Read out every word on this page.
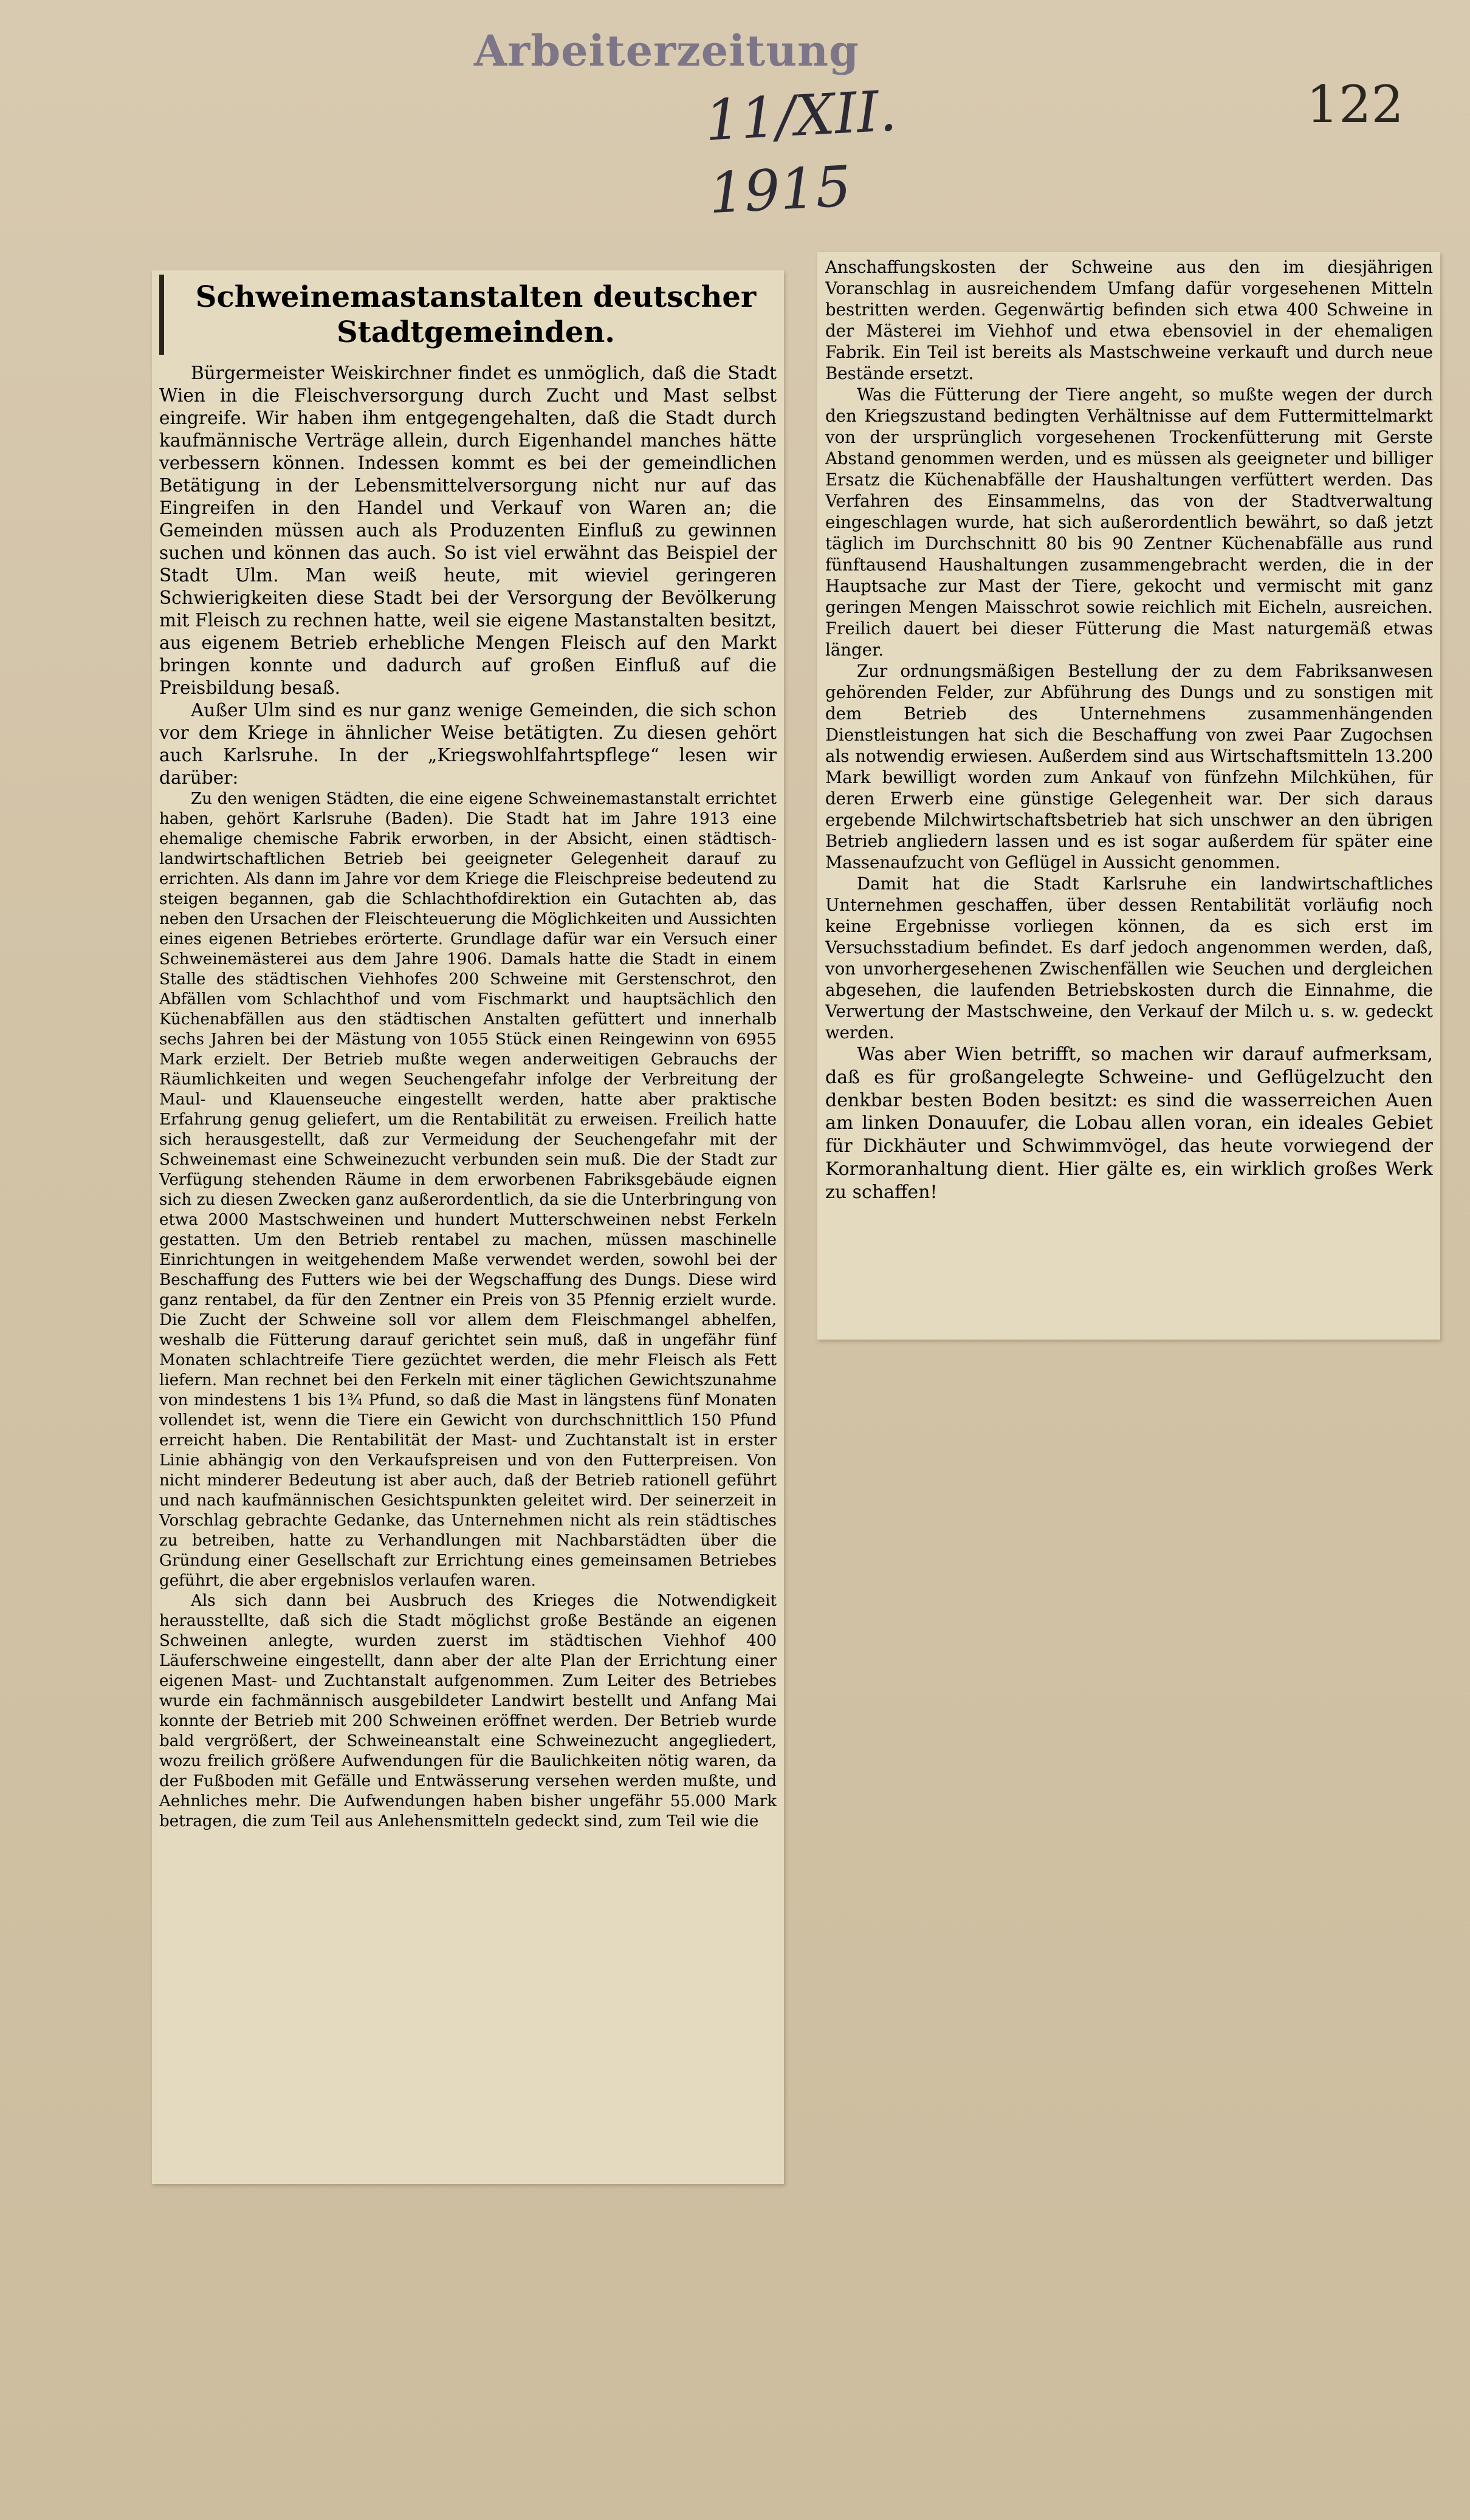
Arbeiterzeitung
11/XII. 1915
122
Schweinemastanstalten deutscher Stadtgemeinden.

Bürgermeister Weiskirchner findet es unmöglich, daß die Stadt Wien in die Fleischversorgung durch Zucht und Mast selbst eingreife. Wir haben ihm entgegengehalten, daß die Stadt durch kaufmännische Verträge allein, durch Eigenhandel manches hätte verbessern können. Indessen kommt es bei der gemeindlichen Betätigung in der Lebensmittelversorgung nicht nur auf das Eingreifen in den Handel und Verkauf von Waren an; die Gemeinden müssen auch als Produzenten Einfluß zu gewinnen suchen und können das auch. So ist viel erwähnt das Beispiel der Stadt Ulm. Man weiß heute, mit wieviel geringeren Schwierigkeiten diese Stadt bei der Versorgung der Bevölkerung mit Fleisch zu rechnen hatte, weil sie eigene Mastanstalten besitzt, aus eigenem Betrieb erhebliche Mengen Fleisch auf den Markt bringen konnte und dadurch auf großen Einfluß auf die Preisbildung besaß.

Außer Ulm sind es nur ganz wenige Gemeinden, die sich schon vor dem Kriege in ähnlicher Weise betätigten. Zu diesen gehört auch Karlsruhe. In der „Kriegswohlfahrtspflege“ lesen wir darüber:

Zu den wenigen Städten, die eine eigene Schweinemastanstalt errichtet haben, gehört Karlsruhe (Baden). Die Stadt hat im Jahre 1913 eine ehemalige chemische Fabrik erworben, in der Absicht, einen städtisch-landwirtschaftlichen Betrieb bei geeigneter Gelegenheit darauf zu errichten. Als dann im Jahre vor dem Kriege die Fleischpreise bedeutend zu steigen begannen, gab die Schlachthofdirektion ein Gutachten ab, das neben den Ursachen der Fleischteuerung die Möglichkeiten und Aussichten eines eigenen Betriebes erörterte. Grundlage dafür war ein Versuch einer Schweinemästerei aus dem Jahre 1906. Damals hatte die Stadt in einem Stalle des städtischen Viehhofes 200 Schweine mit Gerstenschrot, den Abfällen vom Schlachthof und vom Fischmarkt und hauptsächlich den Küchenabfällen aus den städtischen Anstalten gefüttert und innerhalb sechs Jahren bei der Mästung von 1055 Stück einen Reingewinn von 6955 Mark erzielt. Der Betrieb mußte wegen anderweitigen Gebrauchs der Räumlichkeiten und wegen Seuchengefahr infolge der Verbreitung der Maul- und Klauenseuche eingestellt werden, hatte aber praktische Erfahrung genug geliefert, um die Rentabilität zu erweisen. Freilich hatte sich herausgestellt, daß zur Vermeidung der Seuchengefahr mit der Schweinemast eine Schweinezucht verbunden sein muß. Die der Stadt zur Verfügung stehenden Räume in dem erworbenen Fabriksgebäude eignen sich zu diesen Zwecken ganz außerordentlich, da sie die Unterbringung von etwa 2000 Mastschweinen und hundert Mutterschweinen nebst Ferkeln gestatten. Um den Betrieb rentabel zu machen, müssen maschinelle Einrichtungen in weitgehendem Maße verwendet werden, sowohl bei der Beschaffung des Futters wie bei der Wegschaffung des Dungs. Diese wird ganz rentabel, da für den Zentner ein Preis von 35 Pfennig erzielt wurde. Die Zucht der Schweine soll vor allem dem Fleischmangel abhelfen, weshalb die Fütterung darauf gerichtet sein muß, daß in ungefähr fünf Monaten schlachtreife Tiere gezüchtet werden, die mehr Fleisch als Fett liefern. Man rechnet bei den Ferkeln mit einer täglichen Gewichtszunahme von mindestens 1 bis 1¾ Pfund, so daß die Mast in längstens fünf Monaten vollendet ist, wenn die Tiere ein Gewicht von durchschnittlich 150 Pfund erreicht haben. Die Rentabilität der Mast- und Zuchtanstalt ist in erster Linie abhängig von den Verkaufspreisen und von den Futterpreisen. Von nicht minderer Bedeutung ist aber auch, daß der Betrieb rationell geführt und nach kaufmännischen Gesichtspunkten geleitet wird. Der seinerzeit in Vorschlag gebrachte Gedanke, das Unternehmen nicht als rein städtisches zu betreiben, hatte zu Verhandlungen mit Nachbarstädten über die Gründung einer Gesellschaft zur Errichtung eines gemeinsamen Betriebes geführt, die aber ergebnislos verlaufen waren.

Als sich dann bei Ausbruch des Krieges die Notwendigkeit herausstellte, daß sich die Stadt möglichst große Bestände an eigenen Schweinen anlegte, wurden zuerst im städtischen Viehhof 400 Läuferschweine eingestellt, dann aber der alte Plan der Errichtung einer eigenen Mast- und Zuchtanstalt aufgenommen. Zum Leiter des Betriebes wurde ein fachmännisch ausgebildeter Landwirt bestellt und Anfang Mai konnte der Betrieb mit 200 Schweinen eröffnet werden. Der Betrieb wurde bald vergrößert, der Schweineanstalt eine Schweinezucht angegliedert, wozu freilich größere Aufwendungen für die Baulichkeiten nötig waren, da der Fußboden mit Gefälle und Entwässerung versehen werden mußte, und Aehnliches mehr. Die Aufwendungen haben bisher ungefähr 55.000 Mark betragen, die zum Teil aus Anlehensmitteln gedeckt sind, zum Teil wie die

Anschaffungskosten der Schweine aus den im diesjährigen Voranschlag in ausreichendem Umfang dafür vorgesehenen Mitteln bestritten werden. Gegenwärtig befinden sich etwa 400 Schweine in der Mästerei im Viehhof und etwa ebensoviel in der ehemaligen Fabrik. Ein Teil ist bereits als Mastschweine verkauft und durch neue Bestände ersetzt.

Was die Fütterung der Tiere angeht, so mußte wegen der durch den Kriegszustand bedingten Verhältnisse auf dem Futtermittelmarkt von der ursprünglich vorgesehenen Trockenfütterung mit Gerste Abstand genommen werden, und es müssen als geeigneter und billiger Ersatz die Küchenabfälle der Haushaltungen verfüttert werden. Das Verfahren des Einsammelns, das von der Stadtverwaltung eingeschlagen wurde, hat sich außerordentlich bewährt, so daß jetzt täglich im Durchschnitt 80 bis 90 Zentner Küchenabfälle aus rund fünftausend Haushaltungen zusammengebracht werden, die in der Hauptsache zur Mast der Tiere, gekocht und vermischt mit ganz geringen Mengen Maisschrot sowie reichlich mit Eicheln, ausreichen. Freilich dauert bei dieser Fütterung die Mast naturgemäß etwas länger.

Zur ordnungsmäßigen Bestellung der zu dem Fabriksanwesen gehörenden Felder, zur Abführung des Dungs und zu sonstigen mit dem Betrieb des Unternehmens zusammenhängenden Dienstleistungen hat sich die Beschaffung von zwei Paar Zugochsen als notwendig erwiesen. Außerdem sind aus Wirtschaftsmitteln 13.200 Mark bewilligt worden zum Ankauf von fünfzehn Milchkühen, für deren Erwerb eine günstige Gelegenheit war. Der sich daraus ergebende Milchwirtschaftsbetrieb hat sich unschwer an den übrigen Betrieb angliedern lassen und es ist sogar außerdem für später eine Massenaufzucht von Geflügel in Aussicht genommen.

Damit hat die Stadt Karlsruhe ein landwirtschaftliches Unternehmen geschaffen, über dessen Rentabilität vorläufig noch keine Ergebnisse vorliegen können, da es sich erst im Versuchsstadium befindet. Es darf jedoch angenommen werden, daß, von unvorhergesehenen Zwischenfällen wie Seuchen und dergleichen abgesehen, die laufenden Betriebskosten durch die Einnahme, die Verwertung der Mastschweine, den Verkauf der Milch u. s. w. gedeckt werden.

Was aber Wien betrifft, so machen wir darauf aufmerksam, daß es für großangelegte Schweine- und Geflügelzucht den denkbar besten Boden besitzt: es sind die wasserreichen Auen am linken Donauufer, die Lobau allen voran, ein ideales Gebiet für Dickhäuter und Schwimmvögel, das heute vorwiegend der Kormoranhaltung dient. Hier gälte es, ein wirklich großes Werk zu schaffen!
